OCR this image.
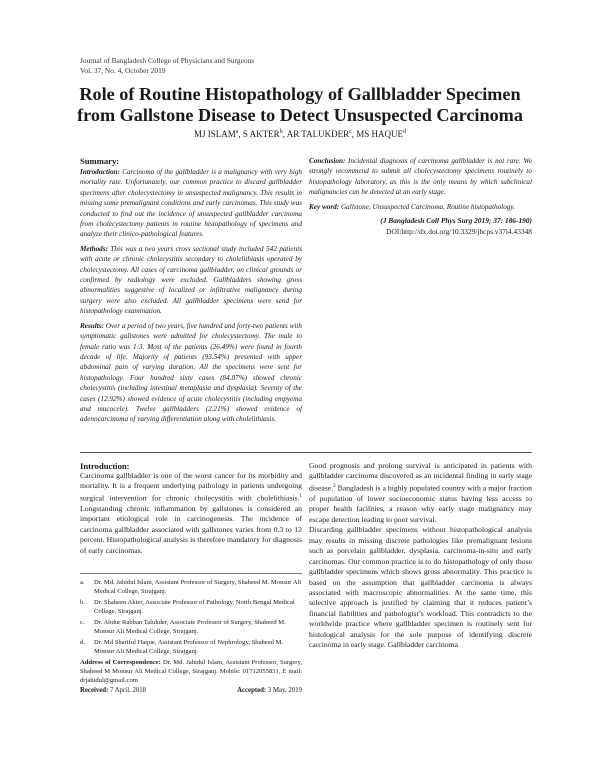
Journal of Bangladesh College of Physicians and Surgeons
Vol. 37, No. 4, October 2019
Role of Routine Histopathology of Gallbladder Specimen from Gallstone Disease to Detect Unsuspected Carcinoma
MJ ISLAM$^a$, S AKTER$^b$, AR TALUKDER$^c$, MS HAQUE$^d$
Summary:

Introduction: Carcinoma of the gallbladder is a malignancy with very high mortality rate. Unfortunately, our common practice to discard gallbladder specimens after cholecystectomy in unsuspected malignancy. This results in missing some premalignant conditions and early carcinomas. This study was conducted to find out the incidence of unsuspected gallbladder carcinoma from cholecystectomy patients in routine histopathology of specimens and analyze their clinico-pathological features.

Methods: This was a two years cross sectional study included 542 patients with acute or chronic cholecystitis secondary to cholelithiasis operated by cholecystectomy. All cases of carcinoma gallbladder, on clinical grounds or confirmed by radiology were excluded. Gallbladders showing gross abnormalities suggestive of localized or infiltrative malignancy during surgery were also excluded. All gallbladder specimens were send for histopathology examination.

Results: Over a period of two years, five hundred and forty-two patients with symptomatic gallstones were admitted for cholecystectomy. The male to female ratio was 1:3. Most of the patients (26.49%) were found in fourth decade of life. Majority of patients (93.54%) presented with upper abdominal pain of varying duration. All the specimens were sent for histopathology. Four hundred sixty cases (84.87%) showed chronic cholecystitis (including intestinal metaplasia and dysplasia). Seventy of the cases (12.92%) showed evidence of acute cholecystitis (including empyema and mucocele). Twelve gallbladders (2.21%) showed evidence of adenocarcinoma of varying differentiation along with cholelithiasis.

Conclusion: Incidental diagnosis of carcinoma gallbladder is not rare. We strongly recommend to submit all cholecystectomy specimens routinely to histopathology laboratory, as this is the only means by which subclinical malignancies can be detected at an early stage.

Key word: Gallstone, Unsuspected Carcinoma, Routine histopathology.

(J Bangladesh Coll Phys Surg 2019; 37: 186-190)
DOI:http://dx.doi.org/10.3329/jbcps.v37i4.43348
Introduction:

Carcinoma gallbladder is one of the worst cancer for its morbidity and mortality. It is a frequent underlying pathology in patients undergoing surgical intervention for chronic cholecystitis with cholelithiasis.$^1$ Longstanding chronic inflammation by gallstones is considered an important etiological role in carcinogenesis. The incidence of carcinoma gallbladder associated with gallstones varies from 0.3 to 12 percent. Histopathological analysis is therefore mandatory for diagnosis of early carcinomas.

a.	Dr. Md. Jahidul Islam, Assistant Professor of Surgery, Shaheed M. Monsur Ali Medical College, Sirajganj.
b.	Dr. Shaheen Akter, Associate Professor of Pathology, North Bengal Medical College, Sirajganj.
c.	Dr. Abdur Rabban Talukder, Associate Professor of Surgery, Shaheed M. Monsur Ali Medical College, Sirajganj.
d.	Dr. Md Shariful Haque, Assistant Professor of Nephrology, Shaheed M. Monsur Ali Medical College, Sirajganj.
Address of Correspondence: Dr. Md. Jahidul Islam, Assistant Professor, Surgery, Shaheed M Monsur Ali Medical College, Sirajganj. Mobile: 01712055831, E mail: drjahidul@gmail.com
Received: 7 April, 2018	Accepted: 3 May, 2019

Good prognosis and prolong survival is anticipated in patients with gallbladder carcinoma discovered as an incidental finding in early stage disease.$^2$ Bangladesh is a highly populated country with a major fraction of population of lower socioeconomic status having less access to proper health facilities, a reason why early stage malignancy may escape detection leading to poor survival.

Discarding gallbladder specimens without histopathological analysis may results in missing discrete pathologies like premalignant lesions such as porcelain gallbladder, dysplasia, carcinoma-in-situ and early carcinomas. Our common practice is to do histopathology of only those gallbladder specimens which shows gross abnormality. This practice is based on the assumption that gallbladder carcinoma is always associated with macroscopic abnormalities. At the same time, this selective approach is justified by claiming that it reduces patient’s financial liabilities and pathologist’s workload. This contradicts to the worldwide practice where gallbladder specimen is routinely sent for histological analysis for the sole purpose of identifying discrete carcinoma in early stage. Gallbladder carcinoma
